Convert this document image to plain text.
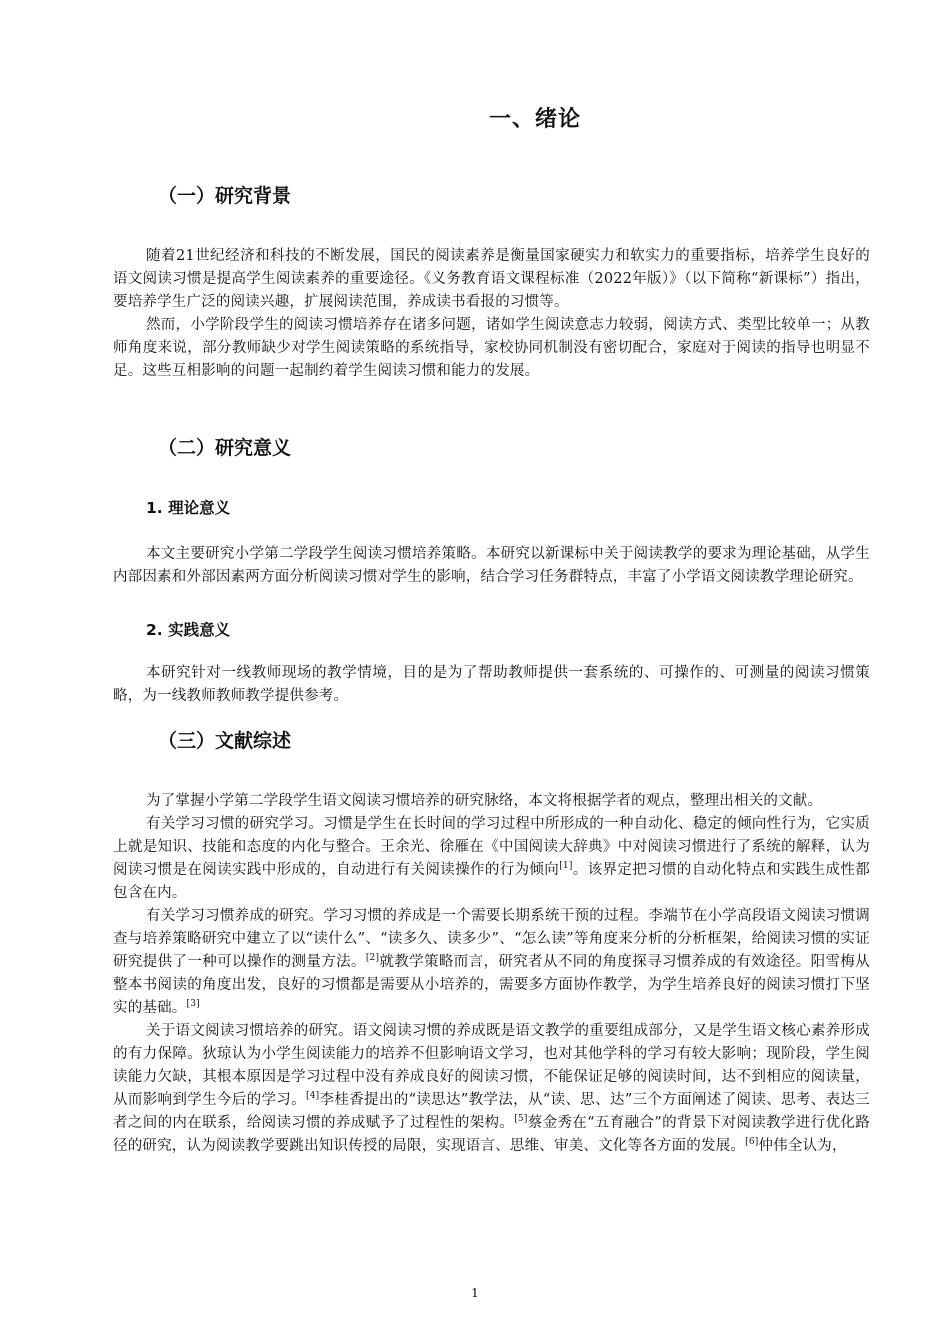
一、绪论
（一）研究背景

随着21世纪经济和科技的不断发展，国民的阅读素养是衡量国家硬实力和软实力的重要指标，培养学生良好的语文阅读习惯是提高学生阅读素养的重要途径。《义务教育语文课程标准（2022年版）》（以下简称“新课标”）指出，要培养学生广泛的阅读兴趣，扩展阅读范围，养成读书看报的习惯等。

然而，小学阶段学生的阅读习惯培养存在诸多问题，诸如学生阅读意志力较弱，阅读方式、类型比较单一；从教师角度来说，部分教师缺少对学生阅读策略的系统指导，家校协同机制没有密切配合，家庭对于阅读的指导也明显不足。这些互相影响的问题一起制约着学生阅读习惯和能力的发展。

（二）研究意义
1. 理论意义

本文主要研究小学第二学段学生阅读习惯培养策略。本研究以新课标中关于阅读教学的要求为理论基础，从学生内部因素和外部因素两方面分析阅读习惯对学生的影响，结合学习任务群特点，丰富了小学语文阅读教学理论研究。

2. 实践意义

本研究针对一线教师现场的教学情境，目的是为了帮助教师提供一套系统的、可操作的、可测量的阅读习惯策略，为一线教师教师教学提供参考。

（三）文献综述

为了掌握小学第二学段学生语文阅读习惯培养的研究脉络，本文将根据学者的观点，整理出相关的文献。

有关学习习惯的研究学习。习惯是学生在长时间的学习过程中所形成的一种自动化、稳定的倾向性行为，它实质上就是知识、技能和态度的内化与整合。王余光、徐雁在《中国阅读大辞典》中对阅读习惯进行了系统的解释，认为阅读习惯是在阅读实践中形成的，自动进行有关阅读操作的行为倾向[1]。该界定把习惯的自动化特点和实践生成性都包含在内。

有关学习习惯养成的研究。学习习惯的养成是一个需要长期系统干预的过程。李端节在小学高段语文阅读习惯调查与培养策略研究中建立了以“读什么”、“读多久、读多少”、“怎么读”等角度来分析的分析框架，给阅读习惯的实证研究提供了一种可以操作的测量方法。[2]就教学策略而言，研究者从不同的角度探寻习惯养成的有效途径。阳雪梅从整本书阅读的角度出发，良好的习惯都是需要从小培养的，需要多方面协作教学，为学生培养良好的阅读习惯打下坚实的基础。[3]

关于语文阅读习惯培养的研究。语文阅读习惯的养成既是语文教学的重要组成部分，又是学生语文核心素养形成的有力保障。狄琼认为小学生阅读能力的培养不但影响语文学习，也对其他学科的学习有较大影响；现阶段，学生阅读能力欠缺，其根本原因是学习过程中没有养成良好的阅读习惯，不能保证足够的阅读时间，达不到相应的阅读量，从而影响到学生今后的学习。[4]李桂香提出的“读思达”教学法，从“读、思、达”三个方面阐述了阅读、思考、表达三者之间的内在联系，给阅读习惯的养成赋予了过程性的架构。[5]蔡金秀在“五育融合”的背景下对阅读教学进行优化路径的研究，认为阅读教学要跳出知识传授的局限，实现语言、思维、审美、文化等各方面的发展。[6]仲伟全认为，

1
